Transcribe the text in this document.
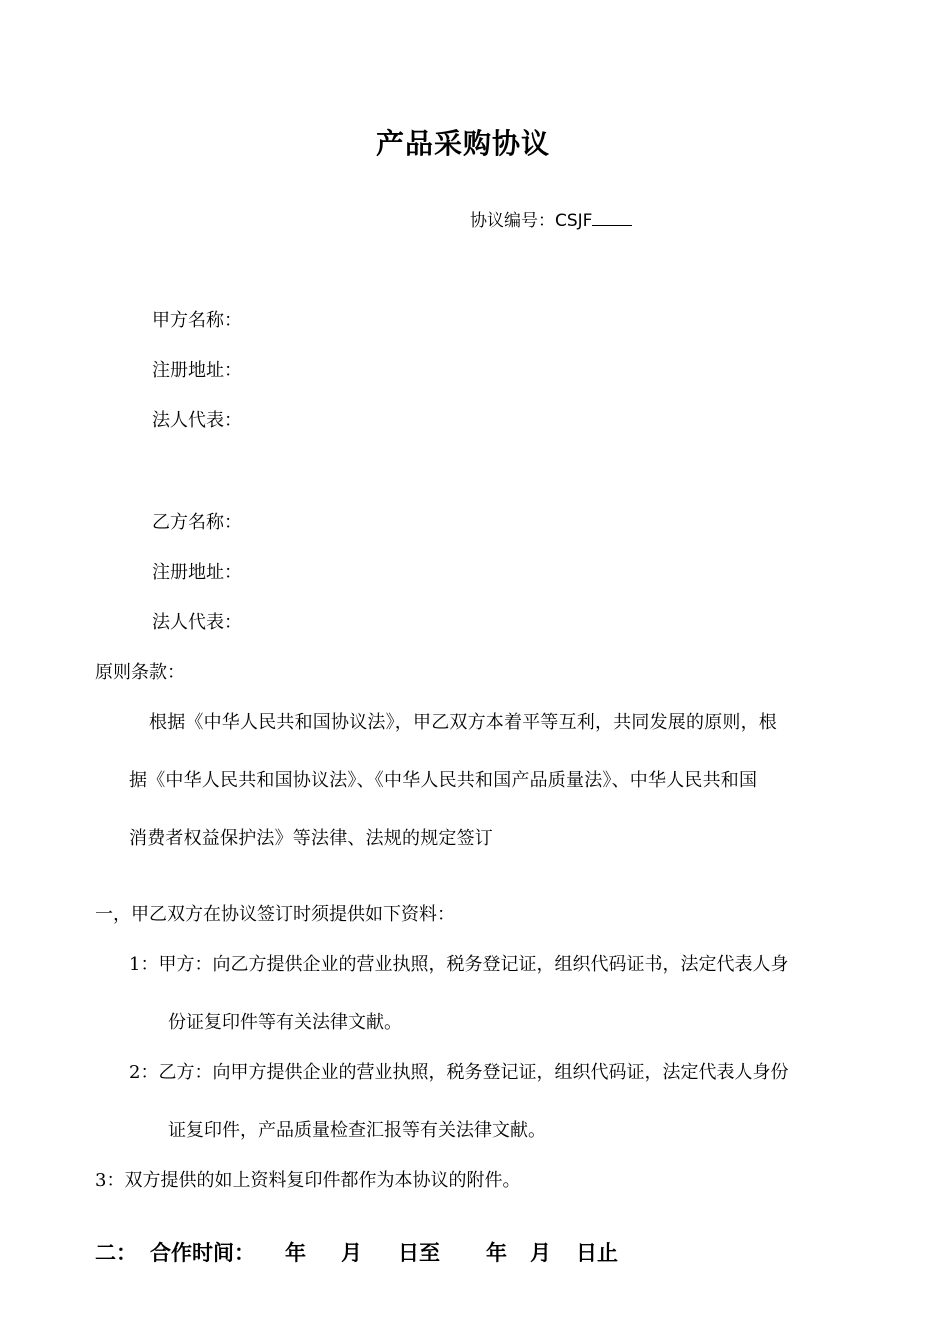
产品采购协议
协议编号：CSJF
甲方名称：
注册地址：
法人代表：
乙方名称：
注册地址：
法人代表：
原则条款：
根据《中华人民共和国协议法》，甲乙双方本着平等互利，共同发展的原则，根
据《中华人民共和国协议法》、《中华人民共和国产品质量法》、中华人民共和国
消费者权益保护法》等法律、法规的规定签订
一，甲乙双方在协议签订时须提供如下资料：
1：甲方：向乙方提供企业的营业执照，税务登记证，组织代码证书，法定代表人身
份证复印件等有关法律文献。
2：乙方：向甲方提供企业的营业执照，税务登记证，组织代码证，法定代表人身份
证复印件，产品质量检查汇报等有关法律文献。
3：双方提供的如上资料复印件都作为本协议的附件。
二： 合作时间： 年 月 日至 年 月 日止
